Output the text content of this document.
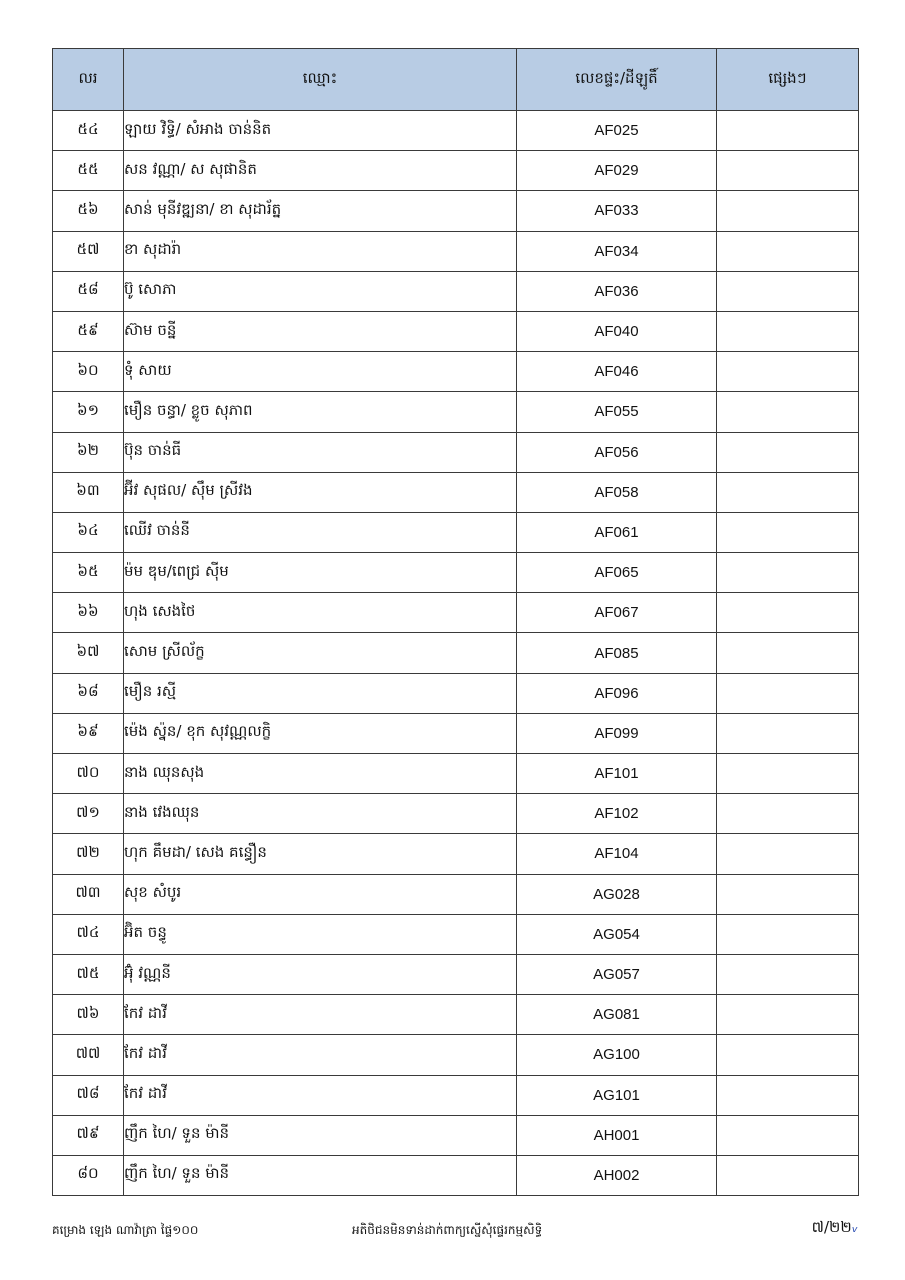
លរ	ឈ្មោះ	លេខផ្ទះ/ដីឡូតិ៍	ផ្សេងៗ
៥៤	ឡាយ វិទ្ធិ/ សំអាង ចាន់និត	AF025	
៥៥	សន វណ្ណា/ ស សុផានិត	AF029	
៥៦	សាន់ មុនីវឌ្ឍនា/ ខា សុដារ័ត្ន	AF033	
៥៧	ខា សុដារ៉ា	AF034	
៥៨	ប៊ូ សោភា	AF036	
៥៩	ស៊ាម ចន្នី	AF040	
៦០	ទុំ សាយ	AF046	
៦១	មឿន ចន្ធា/ ខ្លូច សុភាព	AF055	
៦២	ប៊ុន ចាន់ធី	AF056	
៦៣	អ៊ីវ សុផល/ ស៊ឹម ស្រីវង	AF058	
៦៤	ឈើវ ចាន់នី	AF061	
៦៥	ម៉ម ឌុម/ពេជ្រ ស៊ីម	AF065	
៦៦	ហុង សេងថៃ	AF067	
៦៧	សោម ស្រីល័ក្ខ	AF085	
៦៨	មឿន រស្មី	AF096	
៦៩	ម៉េង ស្វ៉ុន/ ខុក សុវណ្ណលក្ខិ	AF099	
៧០	នាង ឈុនសុង	AF101	
៧១	នាង វេងឈុន	AF102	
៧២	ហុក គឹមដា/ សេង គន្ធឿន	AF104	
៧៣	សុខ សំបូរ	AG028	
៧៤	អ៊ិត ចន្ធូ	AG054	
៧៥	អ៊ុំ វណ្ណនី	AG057	
៧៦	កែវ ដាវី	AG081	
៧៧	កែវ ដាវី	AG100	
៧៨	កែវ ដាវី	AG101	
៧៩	ញឹក ហៃ/ ទួន ម៉ានី	AH001	
៨០	ញឹក ហៃ/ ទួន ម៉ានី	AH002	
គម្រោង ឡេង ណាវ៉ាត្រា ផ្ទៃ១០០	អតិថិជនមិនទាន់ដាក់ពាក្យស្នើសុំផ្ទេរកម្មសិទ្ធិ	៧/២២ᵥ
